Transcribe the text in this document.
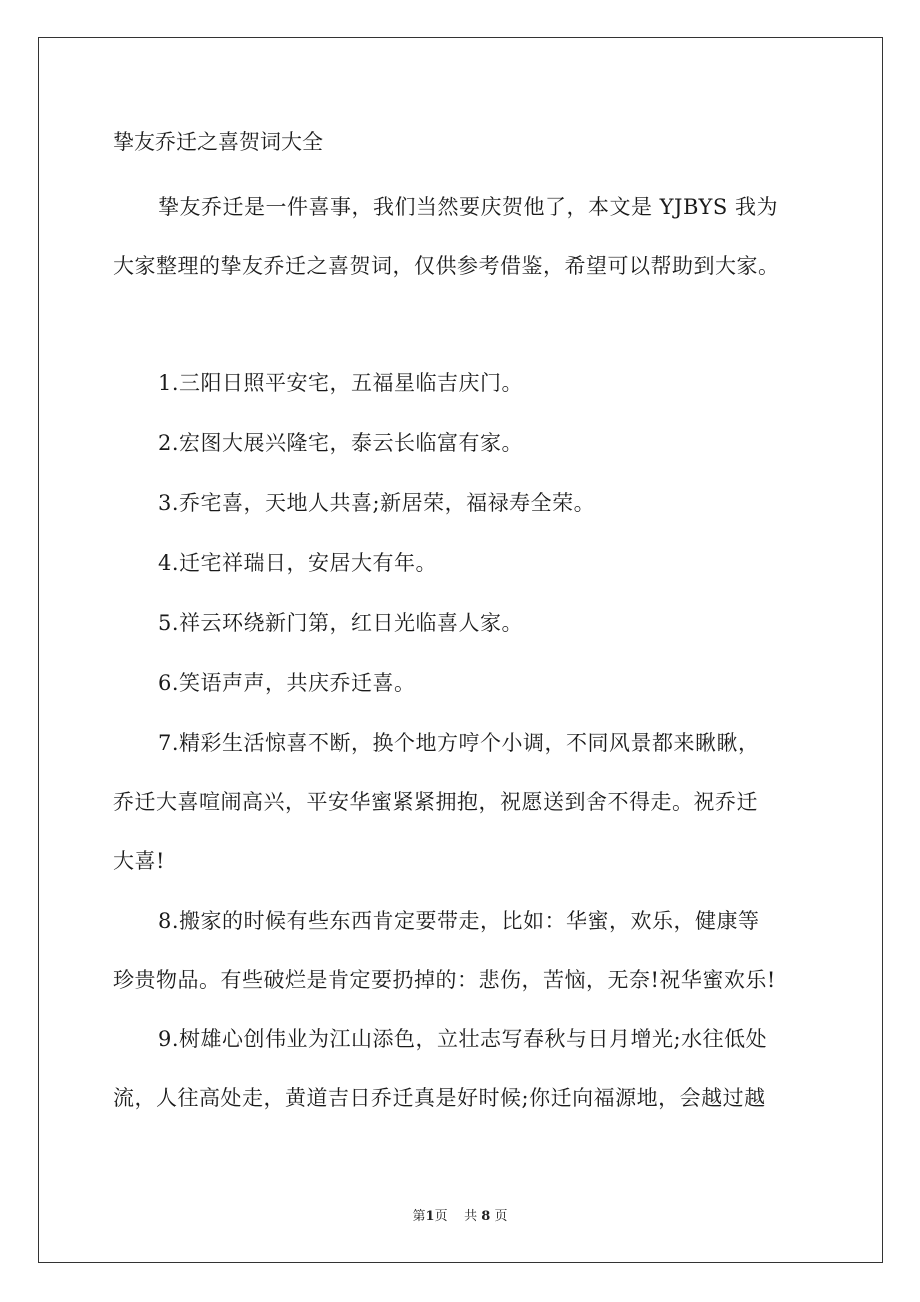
挚友乔迁之喜贺词大全
挚友乔迁是一件喜事，我们当然要庆贺他了，本文是 YJBYS 我为
大家整理的挚友乔迁之喜贺词，仅供参考借鉴，希望可以帮助到大家。
1.三阳日照平安宅，五福星临吉庆门。
2.宏图大展兴隆宅，泰云长临富有家。
3.乔宅喜，天地人共喜;新居荣，福禄寿全荣。
4.迁宅祥瑞日，安居大有年。
5.祥云环绕新门第，红日光临喜人家。
6.笑语声声，共庆乔迁喜。
7.精彩生活惊喜不断，换个地方哼个小调，不同风景都来瞅瞅，
乔迁大喜喧闹高兴，平安华蜜紧紧拥抱，祝愿送到舍不得走。祝乔迁
大喜!
8.搬家的时候有些东西肯定要带走，比如：华蜜，欢乐，健康等
珍贵物品。有些破烂是肯定要扔掉的：悲伤，苦恼，无奈!祝华蜜欢乐!
9.树雄心创伟业为江山添色，立壮志写春秋与日月增光;水往低处
流，人往高处走，黄道吉日乔迁真是好时候;你迁向福源地，会越过越
第1页 共 8 页
